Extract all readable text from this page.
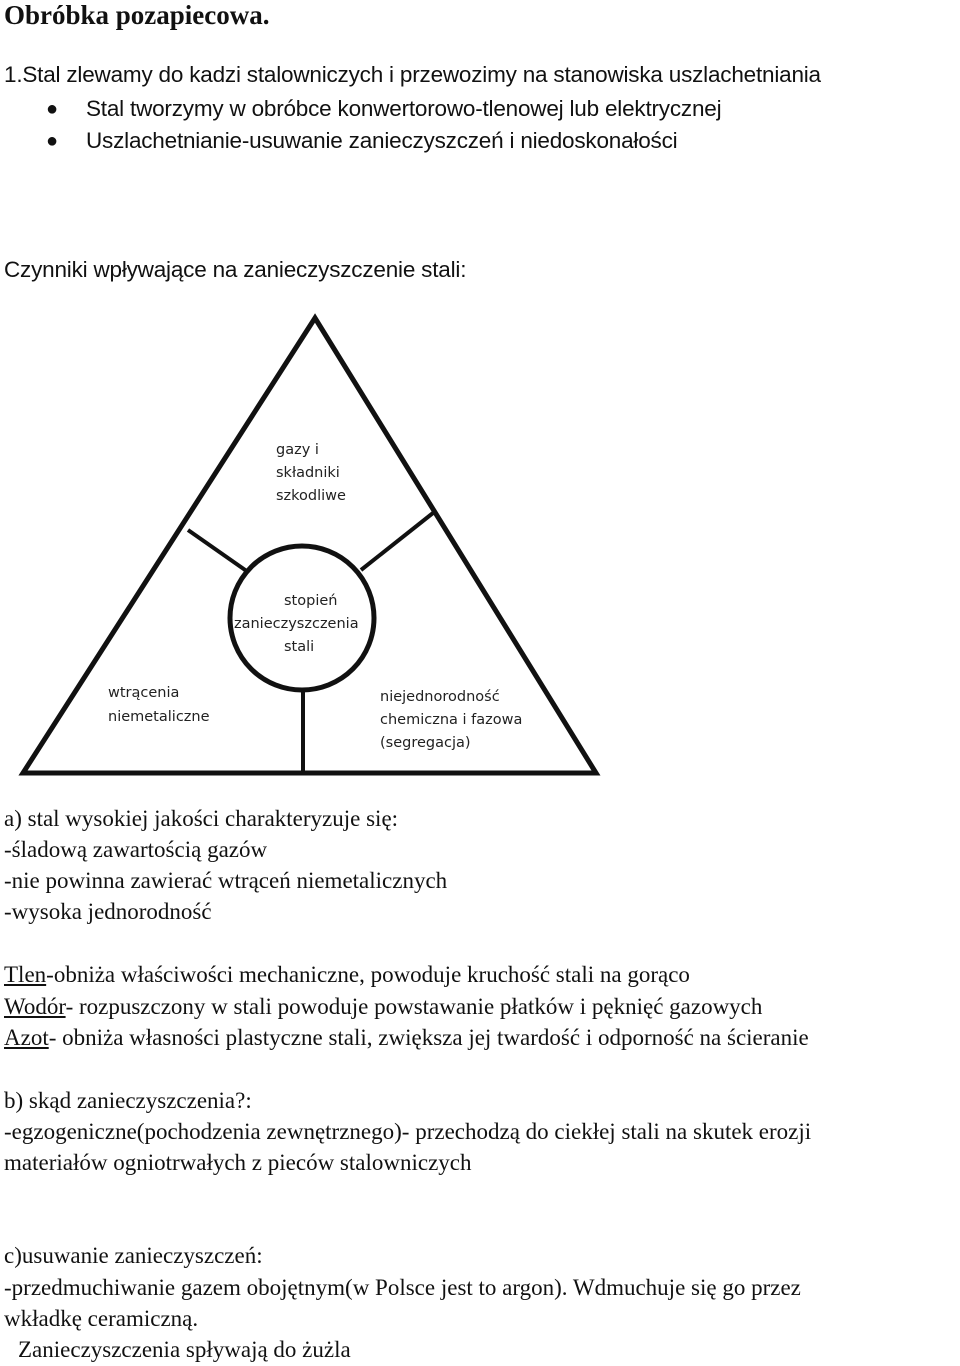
Obróbka pozapiecowa.
1.Stal zlewamy do kadzi stalowniczych i przewozimy na stanowiska uszlachetniania
● Stal tworzymy w obróbce konwertorowo-tlenowej lub elektrycznej
● Uszlachetnianie-usuwanie zanieczyszczeń i niedoskonałości
Czynniki wpływające na zanieczyszczenie stali:
gazy i
składniki
szkodliwe
stopień
zanieczyszczenia
stali
wtrącenia
niemetaliczne
niejednorodność
chemiczna i fazowa
(segregacja)
a) stal wysokiej jakości charakteryzuje się:
-śladową zawartością gazów
-nie powinna zawierać wtrąceń niemetalicznych
-wysoka jednorodność
Tlen-obniża właściwości mechaniczne, powoduje kruchość stali na gorąco
Wodór- rozpuszczony w stali powoduje powstawanie płatków i pęknięć gazowych
Azot- obniża własności plastyczne stali, zwiększa jej twardość i odporność na ścieranie
b) skąd zanieczyszczenia?:
-egzogeniczne(pochodzenia zewnętrznego)- przechodzą do ciekłej stali na skutek erozji
materiałów ogniotrwałych z pieców stalowniczych
c)usuwanie zanieczyszczeń:
-przedmuchiwanie gazem obojętnym(w Polsce jest to argon). Wdmuchuje się go przez
wkładkę ceramiczną.
Zanieczyszczenia spływają do żużla
